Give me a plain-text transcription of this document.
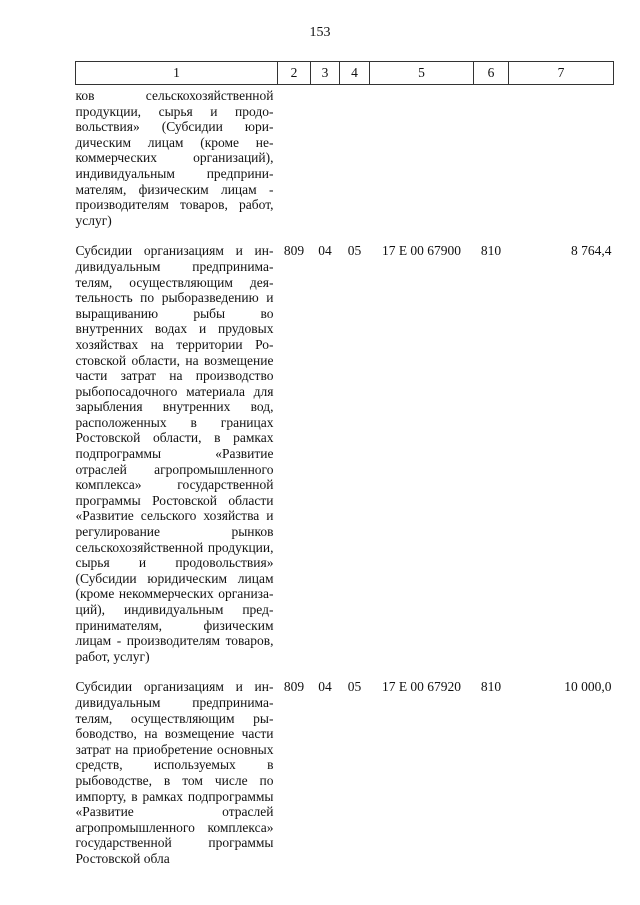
153
1	2	3	4	5	6	7
ков сельскохозяйственной продукции, сырья и продовольствия» (Субсидии юридическим лицам (кроме некоммерческих организаций), индивидуальным предпринимателям, физическим лицам - производителям товаров, работ, услуг)						
Субсидии организациям и индивидуальным предпринимателям, осуществляющим деятельность по рыборазведению и выращиванию рыбы во внутренних водах и прудовых хозяйствах на территории Ростовской области, на возмещение части затрат на производство рыбопосадочного материала для зарыбления внутренних вод, расположенных в границах Ростовской области, в рамках подпрограммы «Развитие отраслей агропромышленного комплекса» государственной программы Ростовской области «Развитие сельского хозяйства и регулирование рынков сельскохозяйственной продукции, сырья и продовольствия» (Субсидии юридическим лицам (кроме некоммерческих организаций), индивидуальным предпринимателям, физическим лицам - производителям товаров, работ, услуг)	809	04	05	17 Е 00 67900	810	8 764,4
Субсидии организациям и индивидуальным предпринимателям, осуществляющим рыбоводство, на возмещение части затрат на приобретение основных средств, используемых в рыбоводстве, в том числе по импорту, в рамках подпрограммы «Развитие отраслей агропромышленного комплекса» государственной программы Ростовской обла	809	04	05	17 Е 00 67920	810	10 000,0
